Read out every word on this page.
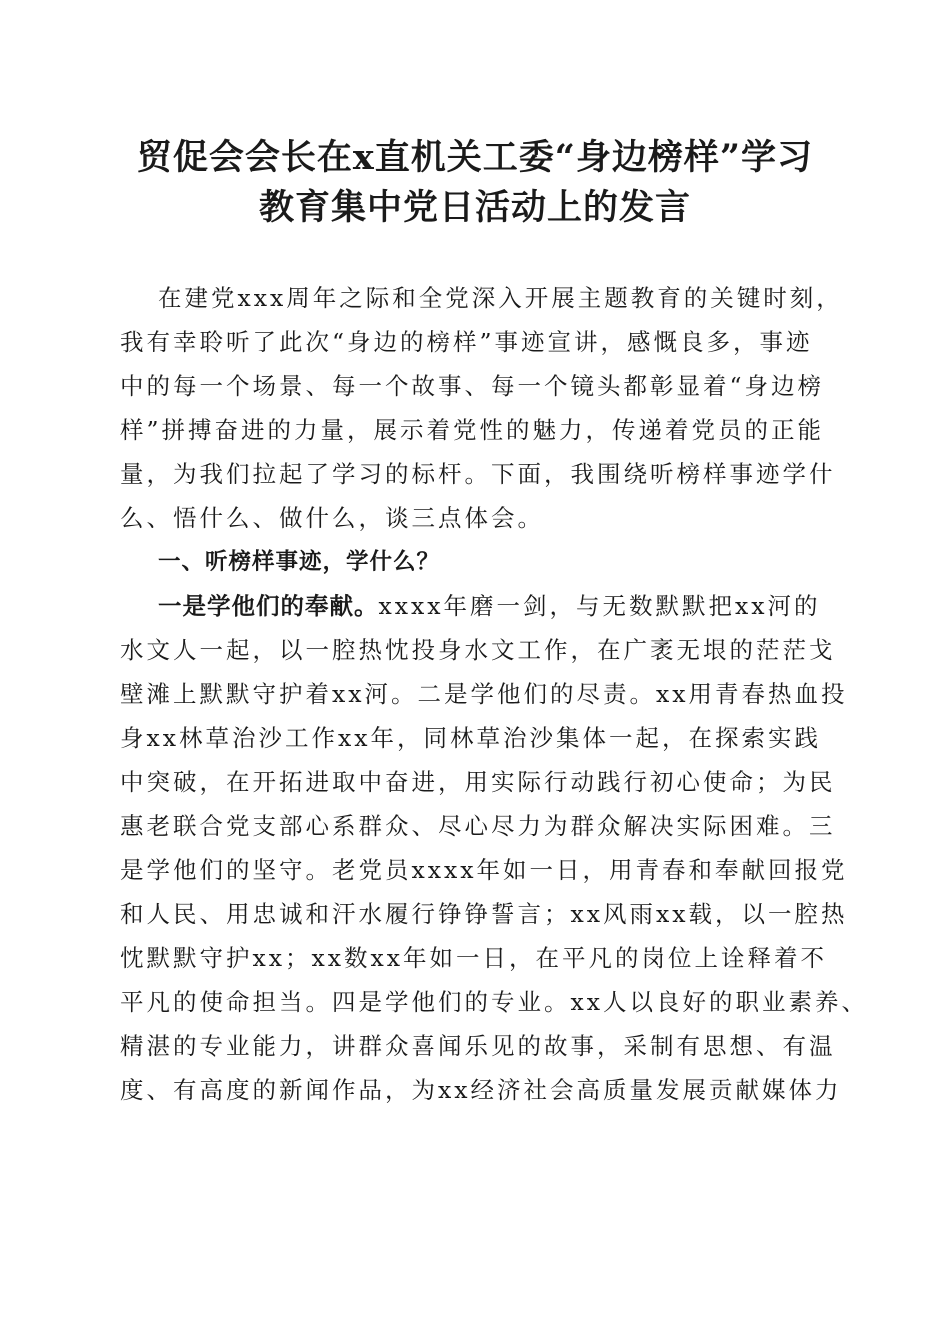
贸促会会长在x直机关工委“身边榜样”学习
教育集中党日活动上的发言

在建党xxx周年之际和全党深入开展主题教育的关键时刻，

我有幸聆听了此次“身边的榜样”事迹宣讲，感慨良多，事迹

中的每一个场景、每一个故事、每一个镜头都彰显着“身边榜

样”拼搏奋进的力量，展示着党性的魅力，传递着党员的正能

量，为我们拉起了学习的标杆。下面，我围绕听榜样事迹学什

么、悟什么、做什么，谈三点体会。

一、听榜样事迹，学什么？

一是学他们的奉献。xxxx年磨一剑，与无数默默把xx河的

水文人一起，以一腔热忱投身水文工作，在广袤无垠的茫茫戈

壁滩上默默守护着xx河。二是学他们的尽责。xx用青春热血投

身xx林草治沙工作xx年，同林草治沙集体一起，在探索实践

中突破，在开拓进取中奋进，用实际行动践行初心使命；为民

惠老联合党支部心系群众、尽心尽力为群众解决实际困难。三

是学他们的坚守。老党员xxxx年如一日，用青春和奉献回报党

和人民、用忠诚和汗水履行铮铮誓言；xx风雨xx载，以一腔热

忱默默守护xx；xx数xx年如一日，在平凡的岗位上诠释着不

平凡的使命担当。四是学他们的专业。xx人以良好的职业素养、

精湛的专业能力，讲群众喜闻乐见的故事，采制有思想、有温

度、有高度的新闻作品，为xx经济社会高质量发展贡献媒体力
